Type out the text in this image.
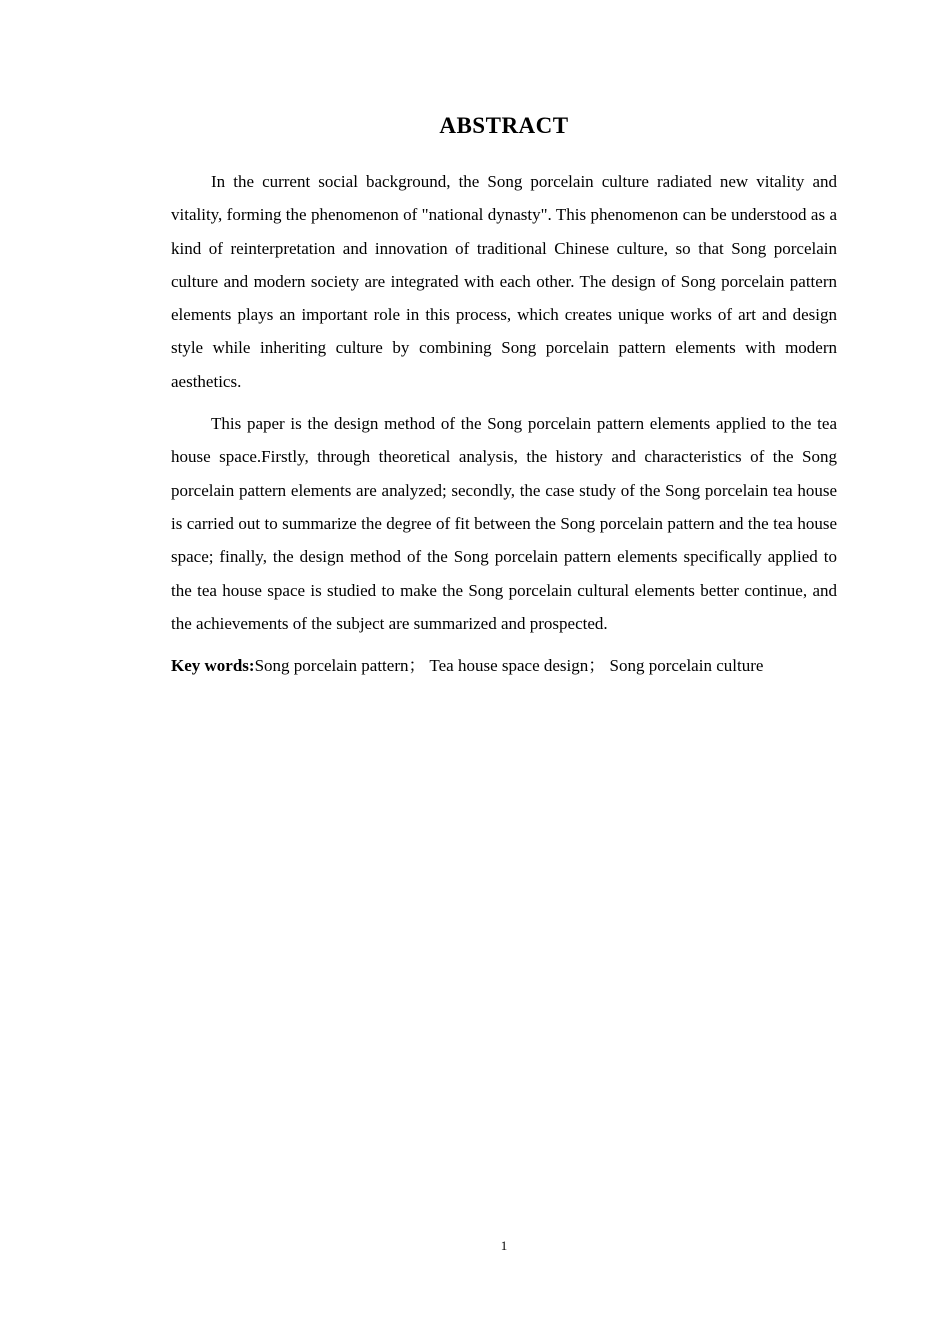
ABSTRACT

In the current social background, the Song porcelain culture radiated new vitality and vitality, forming the phenomenon of "national dynasty". This phenomenon can be understood as a kind of reinterpretation and innovation of traditional Chinese culture, so that Song porcelain culture and modern society are integrated with each other. The design of Song porcelain pattern elements plays an important role in this process, which creates unique works of art and design style while inheriting culture by combining Song porcelain pattern elements with modern aesthetics.

This paper is the design method of the Song porcelain pattern elements applied to the tea house space.Firstly, through theoretical analysis, the history and characteristics of the Song porcelain pattern elements are analyzed; secondly, the case study of the Song porcelain tea house is carried out to summarize the degree of fit between the Song porcelain pattern and the tea house space; finally, the design method of the Song porcelain pattern elements specifically applied to the tea house space is studied to make the Song porcelain cultural elements better continue, and the achievements of the subject are summarized and prospected.

Key words:Song porcelain pattern； Tea house space design； Song porcelain culture

1
